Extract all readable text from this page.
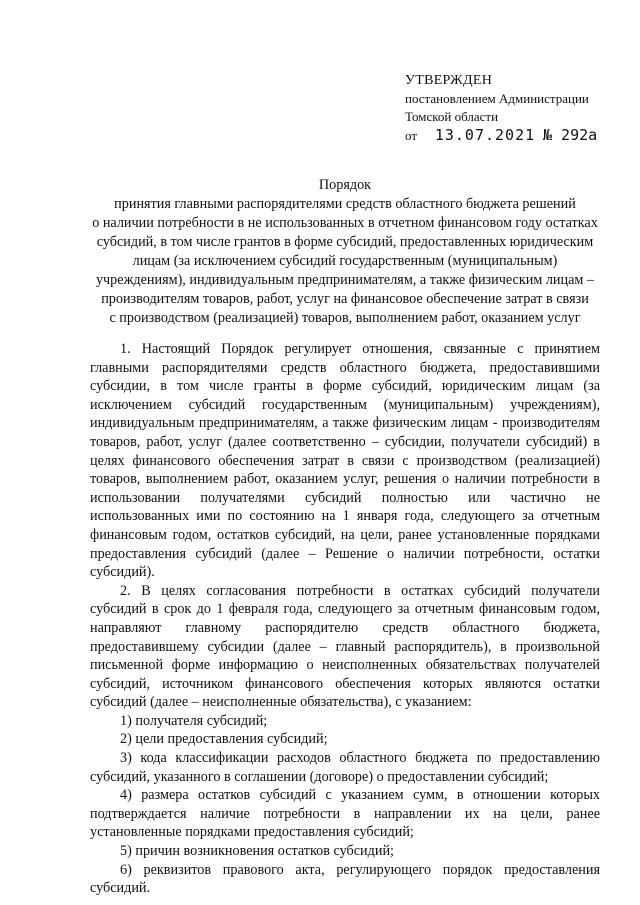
УТВЕРЖДЕН
постановлением Администрации
Томской области
от 13.07.2021 № 292а
Порядок
принятия главными распорядителями средств областного бюджета решений
о наличии потребности в не использованных в отчетном финансовом году остатках
субсидий, в том числе грантов в форме субсидий, предоставленных юридическим
лицам (за исключением субсидий государственным (муниципальным)
учреждениям), индивидуальным предпринимателям, а также физическим лицам –
производителям товаров, работ, услуг на финансовое обеспечение затрат в связи
с производством (реализацией) товаров, выполнением работ, оказанием услуг

1. Настоящий Порядок регулирует отношения, связанные с принятием главными распорядителями средств областного бюджета, предоставившими субсидии, в том числе гранты в форме субсидий, юридическим лицам (за исключением субсидий государственным (муниципальным) учреждениям), индивидуальным предпринимателям, а также физическим лицам - производителям товаров, работ, услуг (далее соответственно – субсидии, получатели субсидий) в целях финансового обеспечения затрат в связи с производством (реализацией) товаров, выполнением работ, оказанием услуг, решения о наличии потребности в использовании получателями субсидий полностью или частично не использованных ими по состоянию на 1 января года, следующего за отчетным финансовым годом, остатков субсидий, на цели, ранее установленные порядками предоставления субсидий (далее – Решение о наличии потребности, остатки субсидий).

2. В целях согласования потребности в остатках субсидий получатели субсидий в срок до 1 февраля года, следующего за отчетным финансовым годом, направляют главному распорядителю средств областного бюджета, предоставившему субсидии (далее – главный распорядитель), в произвольной письменной форме информацию о неисполненных обязательствах получателей субсидий, источником финансового обеспечения которых являются остатки субсидий (далее – неисполненные обязательства), с указанием:

1) получателя субсидий;

2) цели предоставления субсидий;

3) кода классификации расходов областного бюджета по предоставлению субсидий, указанного в соглашении (договоре) о предоставлении субсидий;

4) размера остатков субсидий с указанием сумм, в отношении которых подтверждается наличие потребности в направлении их на цели, ранее установленные порядками предоставления субсидий;

5) причин возникновения остатков субсидий;

6) реквизитов правового акта, регулирующего порядок предоставления субсидий.
